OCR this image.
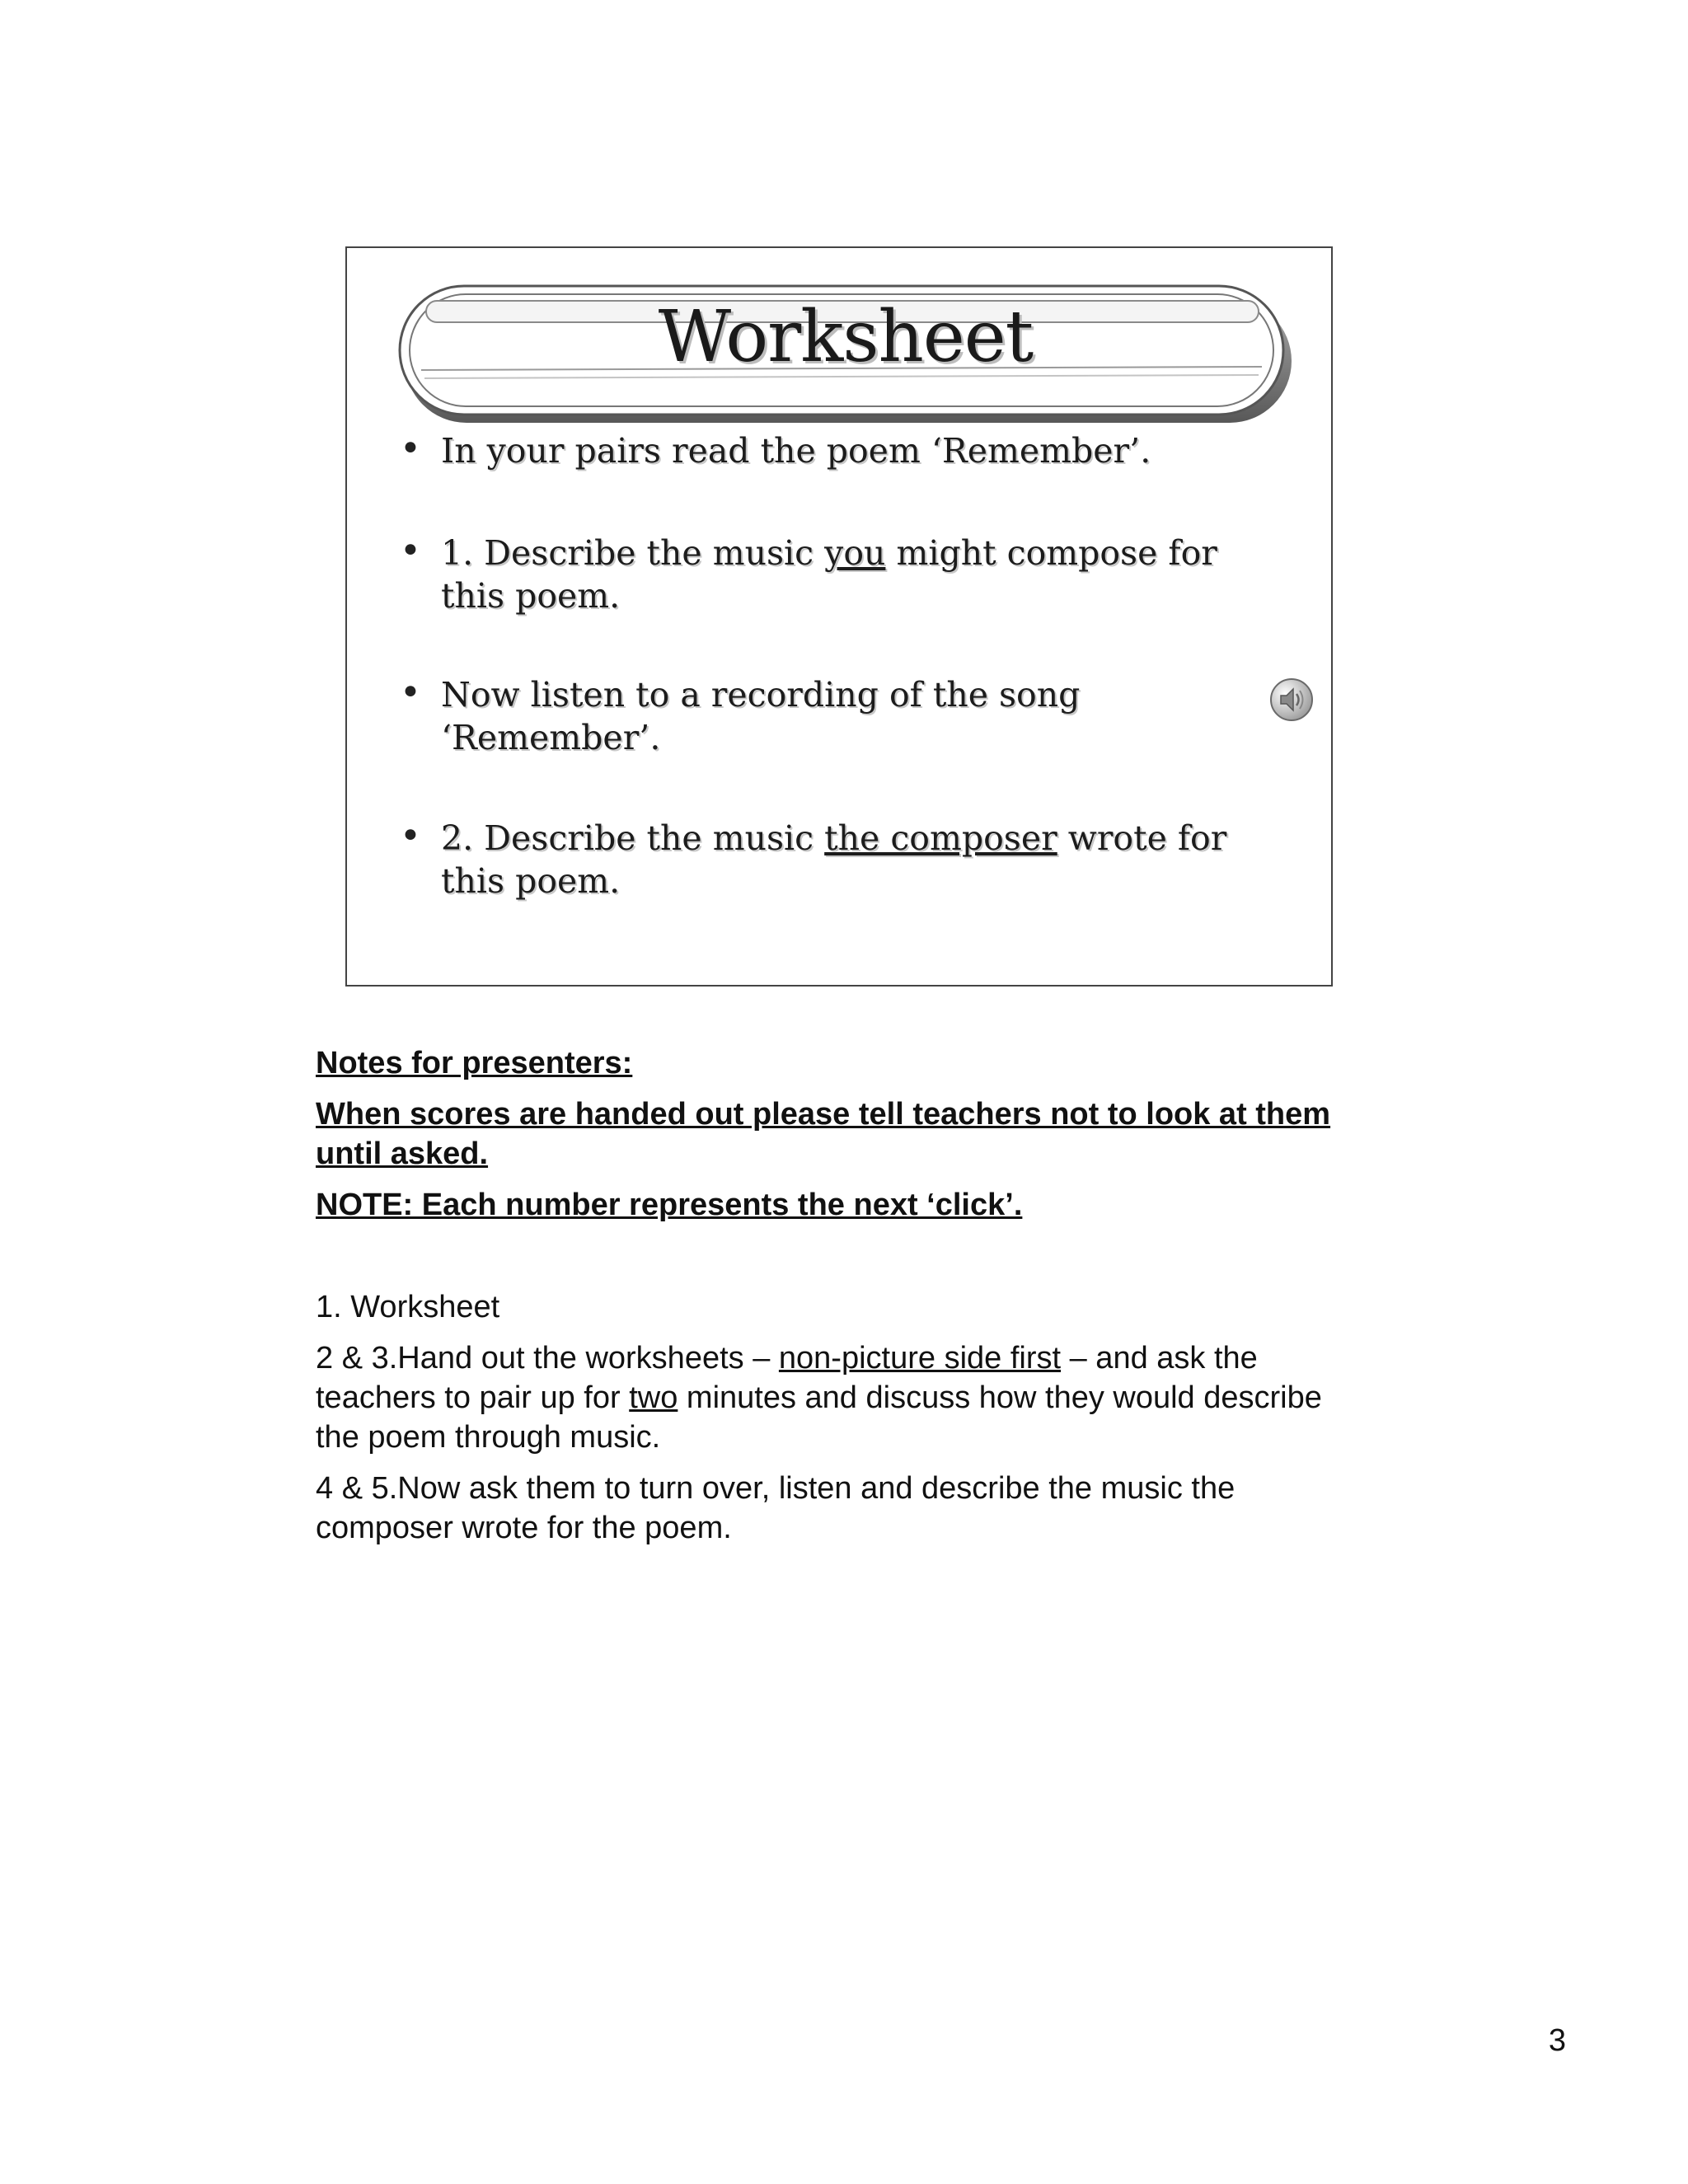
Worksheet
• In your pairs read the poem ‘Remember’.
• 1. Describe the music you might compose for this poem.
• Now listen to a recording of the song ‘Remember’.
• 2. Describe the music the composer wrote for this poem.

Notes for presenters:

When scores are handed out please tell teachers not to look at them until asked.

NOTE: Each number represents the next ‘click’.

1. Worksheet

2 & 3.Hand out the worksheets – non-picture side first – and ask the teachers to pair up for two minutes and discuss how they would describe the poem through music.

4 & 5.Now ask them to turn over, listen and describe the music the composer wrote for the poem.

3
